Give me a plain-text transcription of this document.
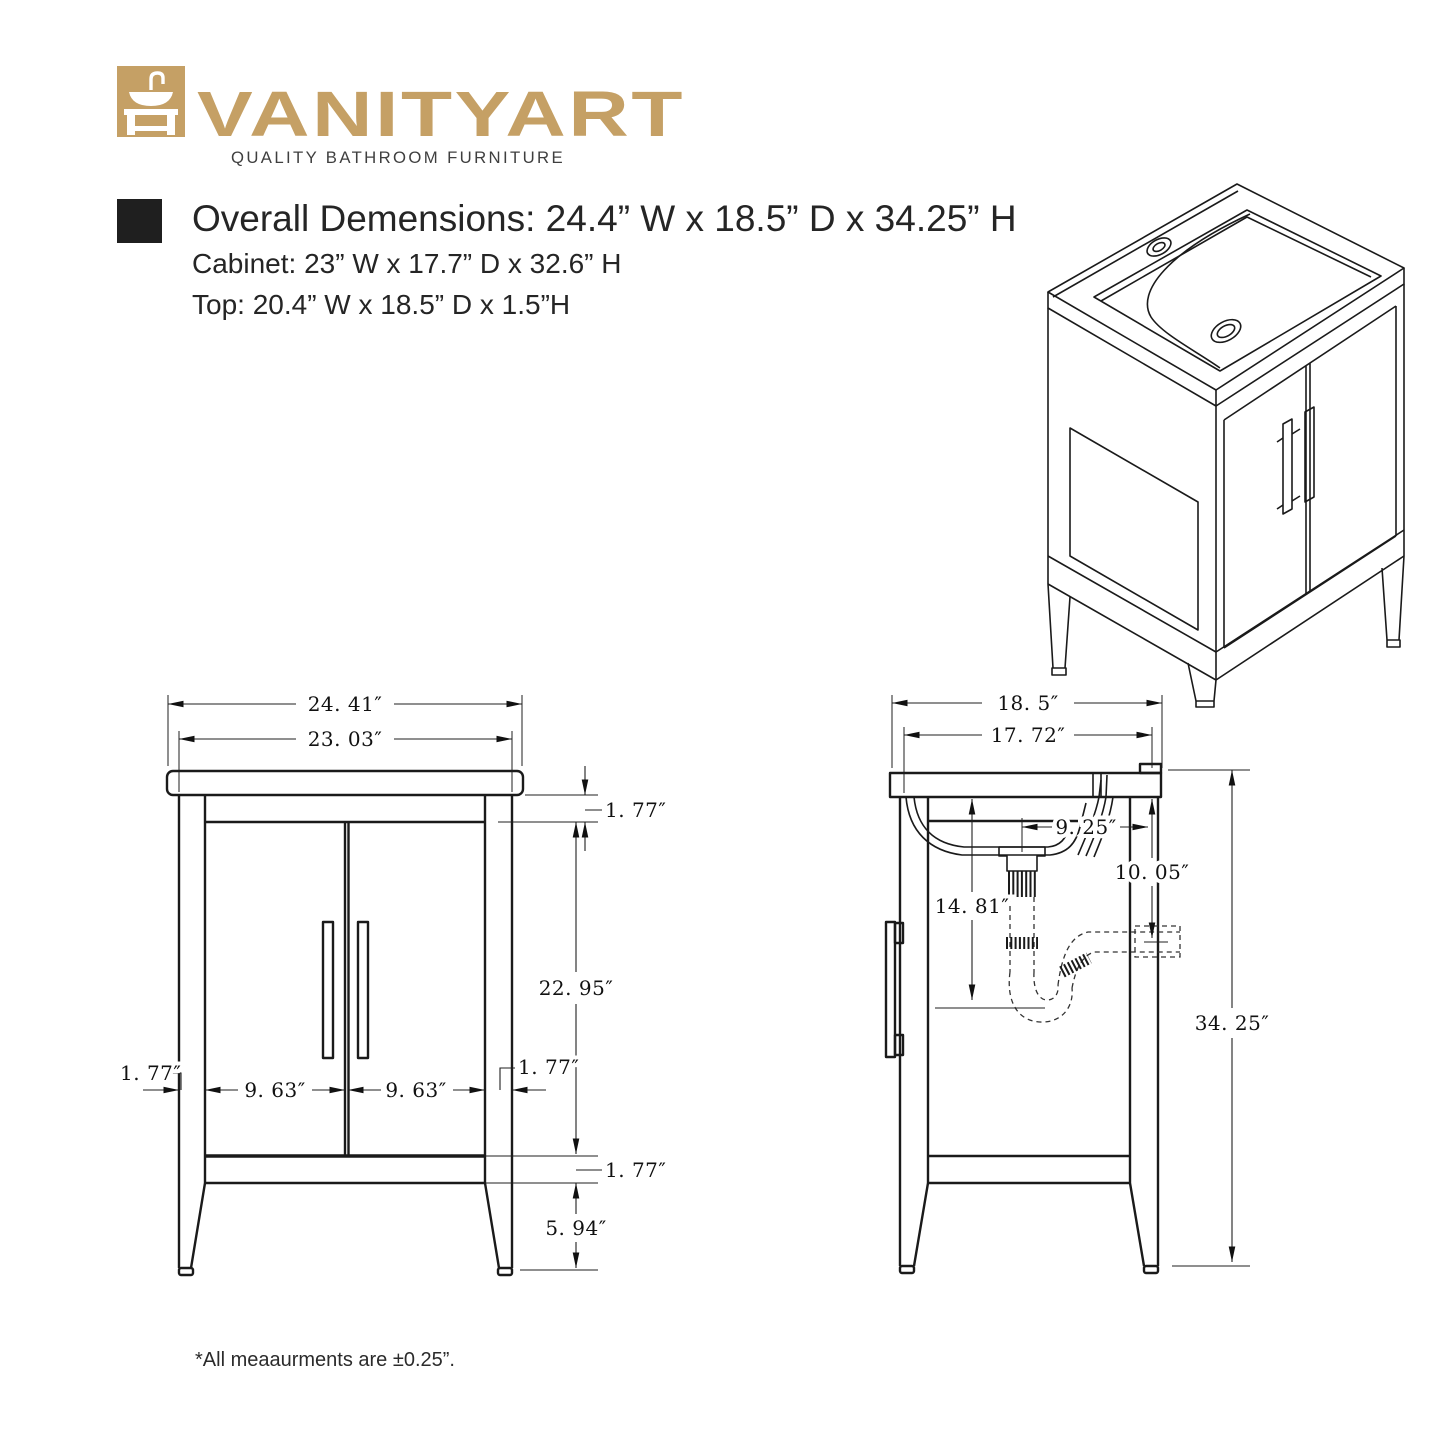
VANITYART
QUALITY BATHROOM FURNITURE
Overall Demensions: 24.4” W x 18.5” D x 34.25” H
Cabinet: 23” W x 17.7” D x 32.6” H
Top: 20.4” W x 18.5” D x 1.5”H
24. 41″
23. 03″
1. 77″
22. 95″
1. 77″
9. 63″	9. 63″
1. 77″
1. 77″
5. 94″
18. 5″
17. 72″
9. 25″
10. 05″
14. 81″
34. 25″
*All meaaurments are ±0.25”.
